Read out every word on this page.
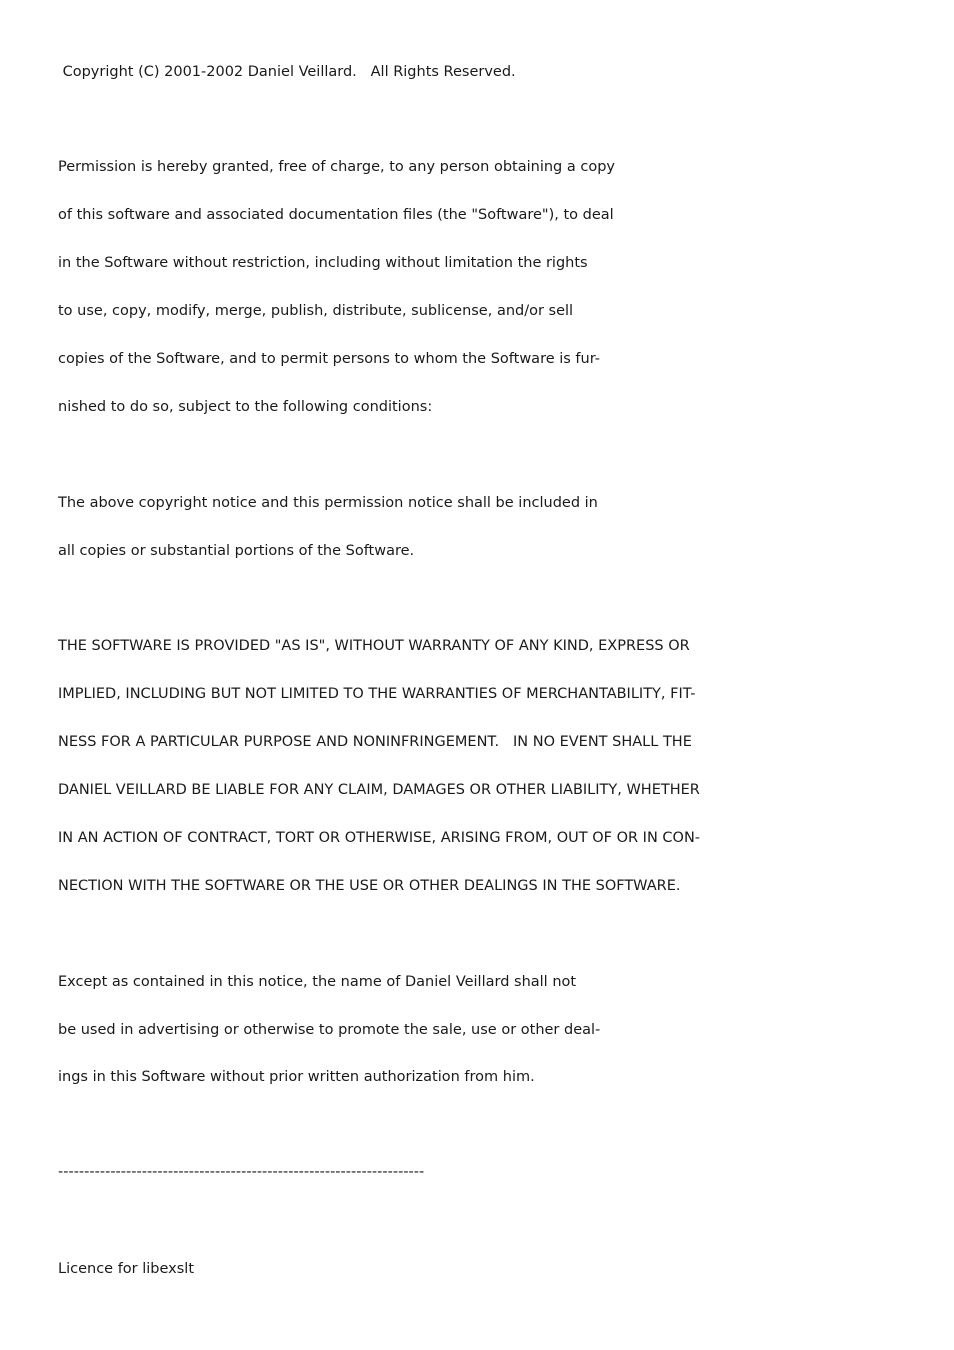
Copyright (C) 2001-2002 Daniel Veillard.   All Rights Reserved.
Permission is hereby granted, free of charge, to any person obtaining a copy
of this software and associated documentation files (the "Software"), to deal
in the Software without restriction, including without limitation the rights
to use, copy, modify, merge, publish, distribute, sublicense, and/or sell
copies of the Software, and to permit persons to whom the Software is fur-
nished to do so, subject to the following conditions:
The above copyright notice and this permission notice shall be included in
all copies or substantial portions of the Software.
THE SOFTWARE IS PROVIDED "AS IS", WITHOUT WARRANTY OF ANY KIND, EXPRESS OR
IMPLIED, INCLUDING BUT NOT LIMITED TO THE WARRANTIES OF MERCHANTABILITY, FIT-
NESS FOR A PARTICULAR PURPOSE AND NONINFRINGEMENT.   IN NO EVENT SHALL THE
DANIEL VEILLARD BE LIABLE FOR ANY CLAIM, DAMAGES OR OTHER LIABILITY, WHETHER
IN AN ACTION OF CONTRACT, TORT OR OTHERWISE, ARISING FROM, OUT OF OR IN CON-
NECTION WITH THE SOFTWARE OR THE USE OR OTHER DEALINGS IN THE SOFTWARE.
Except as contained in this notice, the name of Daniel Veillard shall not
be used in advertising or otherwise to promote the sale, use or other deal-
ings in this Software without prior written authorization from him.
----------------------------------------------------------------------
Licence for libexslt
